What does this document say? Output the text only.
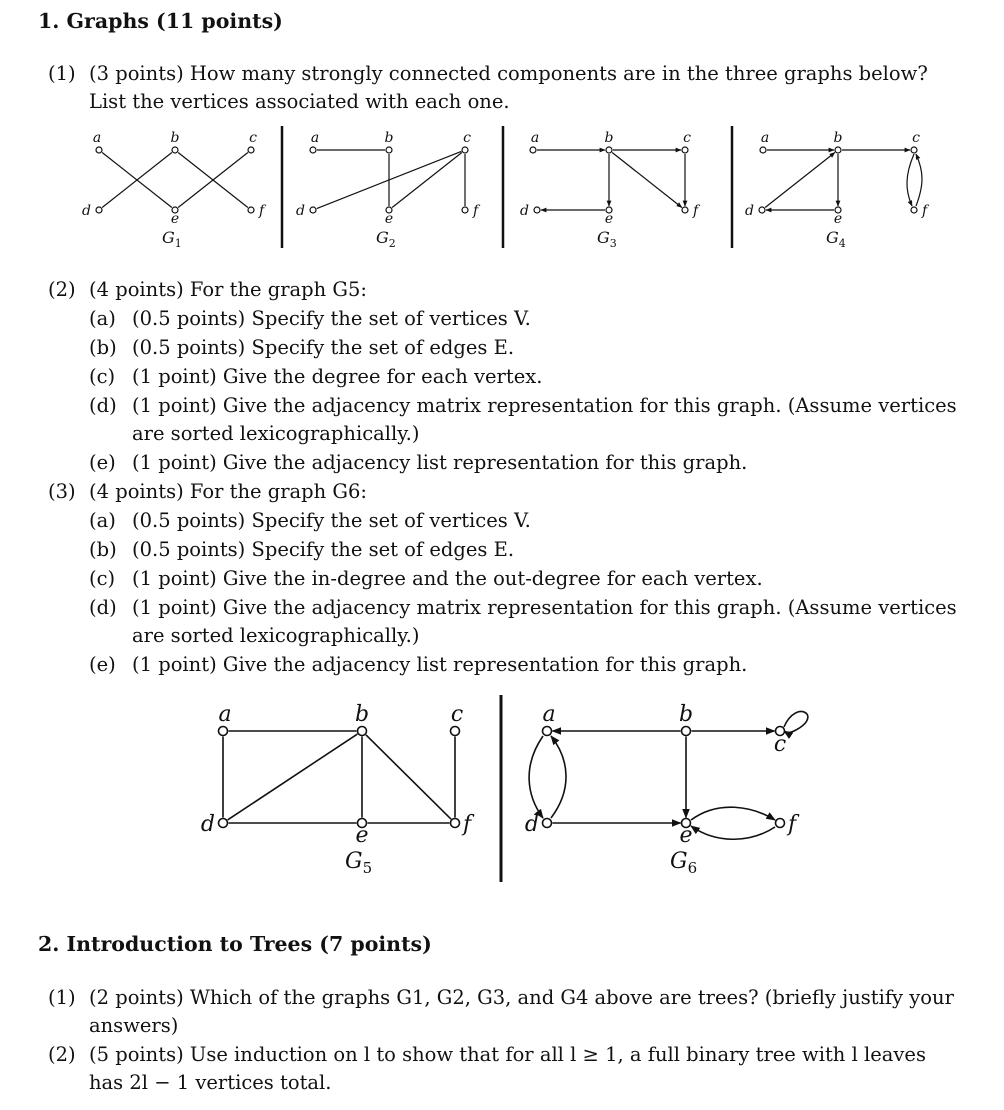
1. Graphs (11 points)
(1) (3 points) How many strongly connected components are in the three graphs below?
List the vertices associated with each one.
(2) (4 points) For the graph G5:
(a) (0.5 points) Specify the set of vertices V.
(b) (0.5 points) Specify the set of edges E.
(c) (1 point) Give the degree for each vertex.
(d) (1 point) Give the adjacency matrix representation for this graph. (Assume vertices
are sorted lexicographically.)
(e) (1 point) Give the adjacency list representation for this graph.
(3) (4 points) For the graph G6:
(a) (0.5 points) Specify the set of vertices V.
(b) (0.5 points) Specify the set of edges E.
(c) (1 point) Give the in-degree and the out-degree for each vertex.
(d) (1 point) Give the adjacency matrix representation for this graph. (Assume vertices
are sorted lexicographically.)
(e) (1 point) Give the adjacency list representation for this graph.
2. Introduction to Trees (7 points)
(1) (2 points) Which of the graphs G1, G2, G3, and G4 above are trees? (briefly justify your
answers)
(2) (5 points) Use induction on l to show that for all l ≥ 1, a full binary tree with l leaves
has 2l − 1 vertices total.
a	b	c
d	e	f
$G_1$
a	b	c
d	e	f
$G_2$
a	b	c
d	e	f
$G_3$
a	b	c
d	e	f
$G_4$
a	b	c
d	e	f
$G_5$
a	b
c
d	e	f
$G_6$
